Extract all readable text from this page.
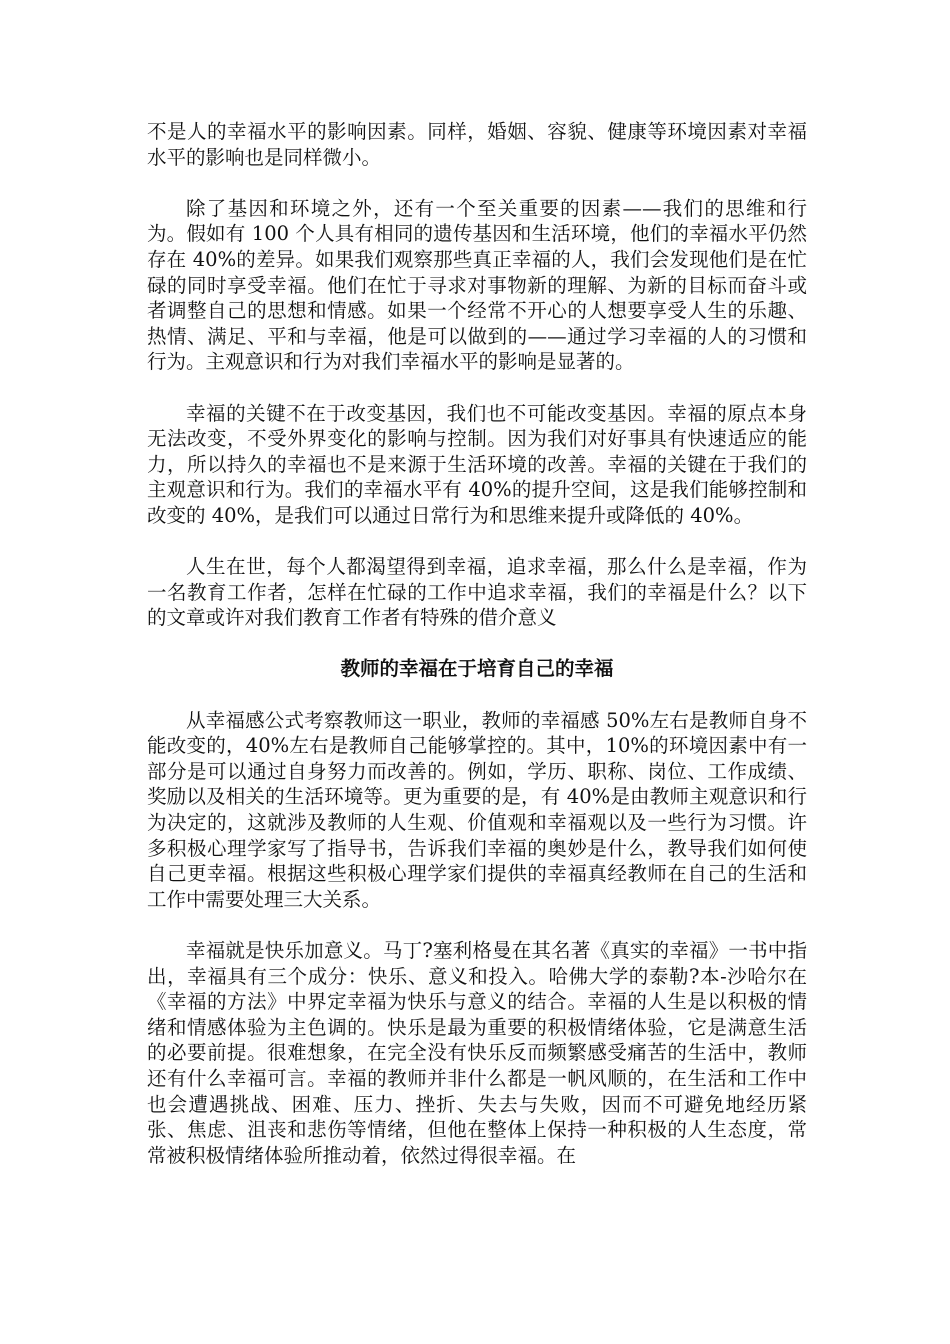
不是人的幸福水平的影响因素。同样，婚姻、容貌、健康等环境因素对幸福水平的影响也是同样微小。

除了基因和环境之外，还有一个至关重要的因素——我们的思维和行为。假如有 100 个人具有相同的遗传基因和生活环境，他们的幸福水平仍然存在 40%的差异。如果我们观察那些真正幸福的人，我们会发现他们是在忙碌的同时享受幸福。他们在忙于寻求对事物新的理解、为新的目标而奋斗或者调整自己的思想和情感。如果一个经常不开心的人想要享受人生的乐趣、热情、满足、平和与幸福，他是可以做到的——通过学习幸福的人的习惯和行为。主观意识和行为对我们幸福水平的影响是显著的。

幸福的关键不在于改变基因，我们也不可能改变基因。幸福的原点本身无法改变，不受外界变化的影响与控制。因为我们对好事具有快速适应的能力，所以持久的幸福也不是来源于生活环境的改善。幸福的关键在于我们的主观意识和行为。我们的幸福水平有 40%的提升空间，这是我们能够控制和改变的 40%，是我们可以通过日常行为和思维来提升或降低的 40%。

人生在世，每个人都渴望得到幸福，追求幸福，那么什么是幸福，作为一名教育工作者，怎样在忙碌的工作中追求幸福，我们的幸福是什么？以下的文章或许对我们教育工作者有特殊的借介意义

教师的幸福在于培育自己的幸福

从幸福感公式考察教师这一职业，教师的幸福感 50%左右是教师自身不能改变的，40%左右是教师自己能够掌控的。其中，10%的环境因素中有一部分是可以通过自身努力而改善的。例如，学历、职称、岗位、工作成绩、奖励以及相关的生活环境等。更为重要的是，有 40%是由教师主观意识和行为决定的，这就涉及教师的人生观、价值观和幸福观以及一些行为习惯。许多积极心理学家写了指导书，告诉我们幸福的奥妙是什么，教导我们如何使自己更幸福。根据这些积极心理学家们提供的幸福真经教师在自己的生活和工作中需要处理三大关系。

幸福就是快乐加意义。马丁?塞利格曼在其名著《真实的幸福》一书中指出，幸福具有三个成分：快乐、意义和投入。哈佛大学的泰勒?本-沙哈尔在《幸福的方法》中界定幸福为快乐与意义的结合。幸福的人生是以积极的情绪和情感体验为主色调的。快乐是最为重要的积极情绪体验，它是满意生活的必要前提。很难想象，在完全没有快乐反而频繁感受痛苦的生活中，教师还有什么幸福可言。幸福的教师并非什么都是一帆风顺的，在生活和工作中也会遭遇挑战、困难、压力、挫折、失去与失败，因而不可避免地经历紧张、焦虑、沮丧和悲伤等情绪，但他在整体上保持一种积极的人生态度，常常被积极情绪体验所推动着，依然过得很幸福。在
